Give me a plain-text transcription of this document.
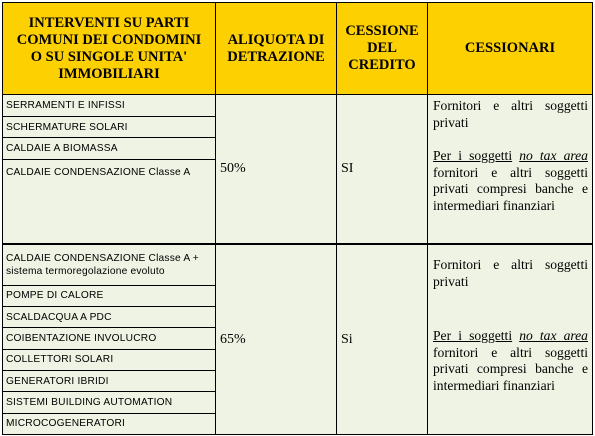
INTERVENTI SU PARTI COMUNI DEI CONDOMINI O SU SINGOLE UNITA' IMMOBILIARI	ALIQUOTA DI DETRAZIONE	CESSIONE DEL CREDITO	CESSIONARI
SERRAMENTI E INFISSI	50%	SI	Fornitori e altri soggetti privati

Per i soggetti no tax area fornitori e altri soggetti privati compresi banche e intermediari finanziari

SCHERMATURE SOLARI			
CALDAIE A BIOMASSA			
CALDAIE CONDENSAZIONE Classe A			
CALDAIE CONDENSAZIONE Classe A + sistema termoregolazione evoluto	65%	Si	Fornitori e altri soggetti privati

Per i soggetti no tax area fornitori e altri soggetti privati compresi banche e intermediari finanziari

POMPE DI CALORE			
SCALDACQUA A PDC			
COIBENTAZIONE INVOLUCRO			
COLLETTORI SOLARI			
GENERATORI IBRIDI			
SISTEMI BUILDING AUTOMATION			
MICROCOGENERATORI			
